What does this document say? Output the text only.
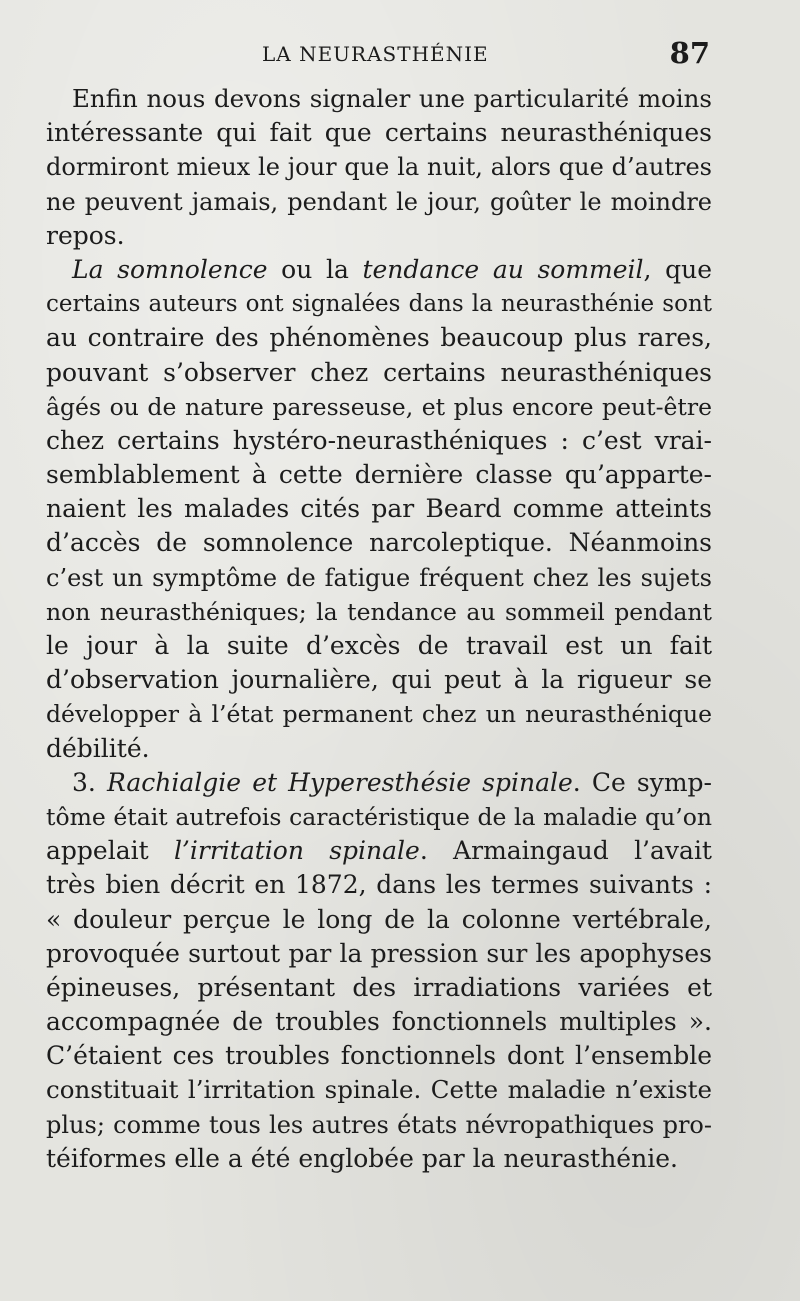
LA NEURASTHÉNIE	87
Enfin nous devons signaler une particularité moins
intéressante qui fait que certains neurasthéniques
dormiront mieux le jour que la nuit, alors que d’autres
ne peuvent jamais, pendant le jour, goûter le moindre
repos.
La somnolence ou la tendance au sommeil, que
certains auteurs ont signalées dans la neurasthénie sont
au contraire des phénomènes beaucoup plus rares,
pouvant s’observer chez certains neurasthéniques
âgés ou de nature paresseuse, et plus encore peut-être
chez certains hystéro-neurasthéniques : c’est vrai-
semblablement à cette dernière classe qu’apparte-
naient les malades cités par Beard comme atteints
d’accès de somnolence narcoleptique. Néanmoins
c’est un symptôme de fatigue fréquent chez les sujets
non neurasthéniques; la tendance au sommeil pendant
le jour à la suite d’excès de travail est un fait
d’observation journalière, qui peut à la rigueur se
développer à l’état permanent chez un neurasthénique
débilité.
3. Rachialgie et Hyperesthésie spinale. Ce symp-
tôme était autrefois caractéristique de la maladie qu’on
appelait l’irritation spinale. Armaingaud l’avait
très bien décrit en 1872, dans les termes suivants :
« douleur perçue le long de la colonne vertébrale,
provoquée surtout par la pression sur les apophyses
épineuses, présentant des irradiations variées et
accompagnée de troubles fonctionnels multiples ».
C’étaient ces troubles fonctionnels dont l’ensemble
constituait l’irritation spinale. Cette maladie n’existe
plus; comme tous les autres états névropathiques pro-
téiformes elle a été englobée par la neurasthénie.
